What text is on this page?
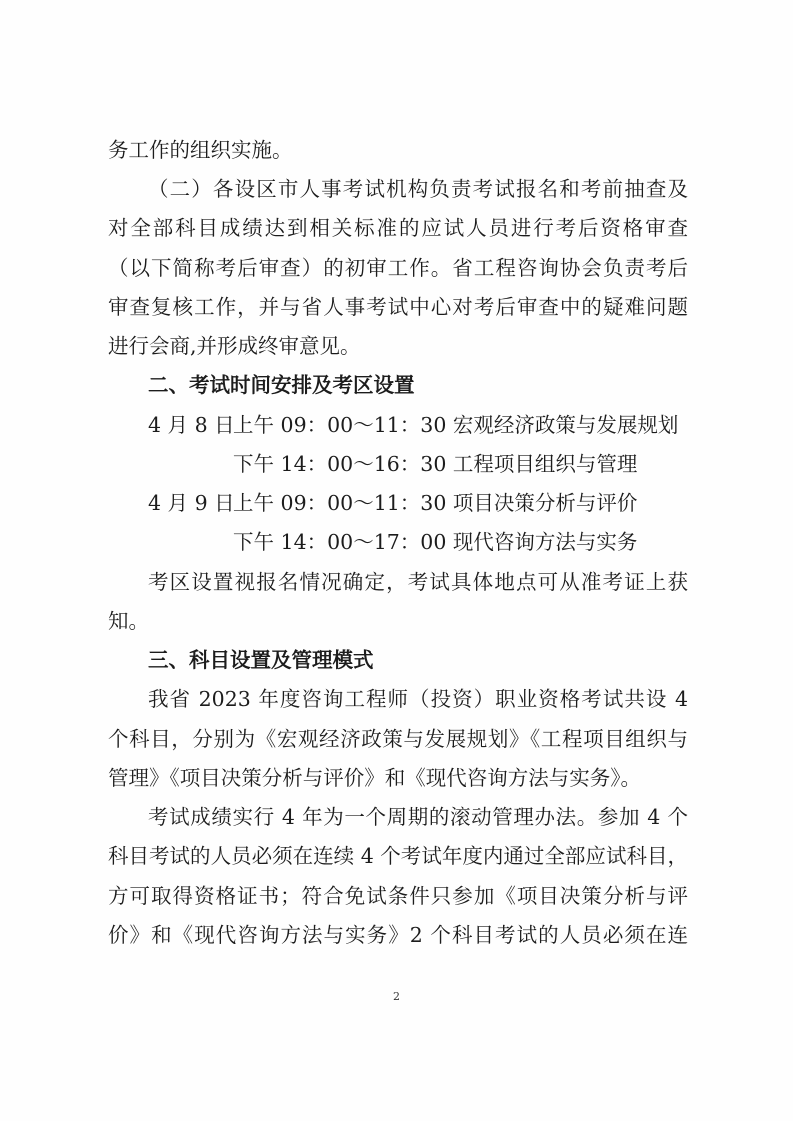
务工作的组织实施。
（二）各设区市人事考试机构负责考试报名和考前抽查及
对全部科目成绩达到相关标准的应试人员进行考后资格审查
（以下简称考后审查）的初审工作。省工程咨询协会负责考后
审查复核工作，并与省人事考试中心对考后审查中的疑难问题
进行会商,并形成终审意见。
二、考试时间安排及考区设置
4 月 8 日上午 09：00～11：30 宏观经济政策与发展规划
下午 14：00～16：30 工程项目组织与管理
4 月 9 日上午 09：00～11：30 项目决策分析与评价
下午 14：00～17：00 现代咨询方法与实务
考区设置视报名情况确定，考试具体地点可从准考证上获
知。
三、科目设置及管理模式
我省 2023 年度咨询工程师（投资）职业资格考试共设 4
个科目，分别为《宏观经济政策与发展规划》《工程项目组织与
管理》《项目决策分析与评价》和《现代咨询方法与实务》。
考试成绩实行 4 年为一个周期的滚动管理办法。参加 4 个
科目考试的人员必须在连续 4 个考试年度内通过全部应试科目，
方可取得资格证书；符合免试条件只参加《项目决策分析与评
价》和《现代咨询方法与实务》2 个科目考试的人员必须在连
2
